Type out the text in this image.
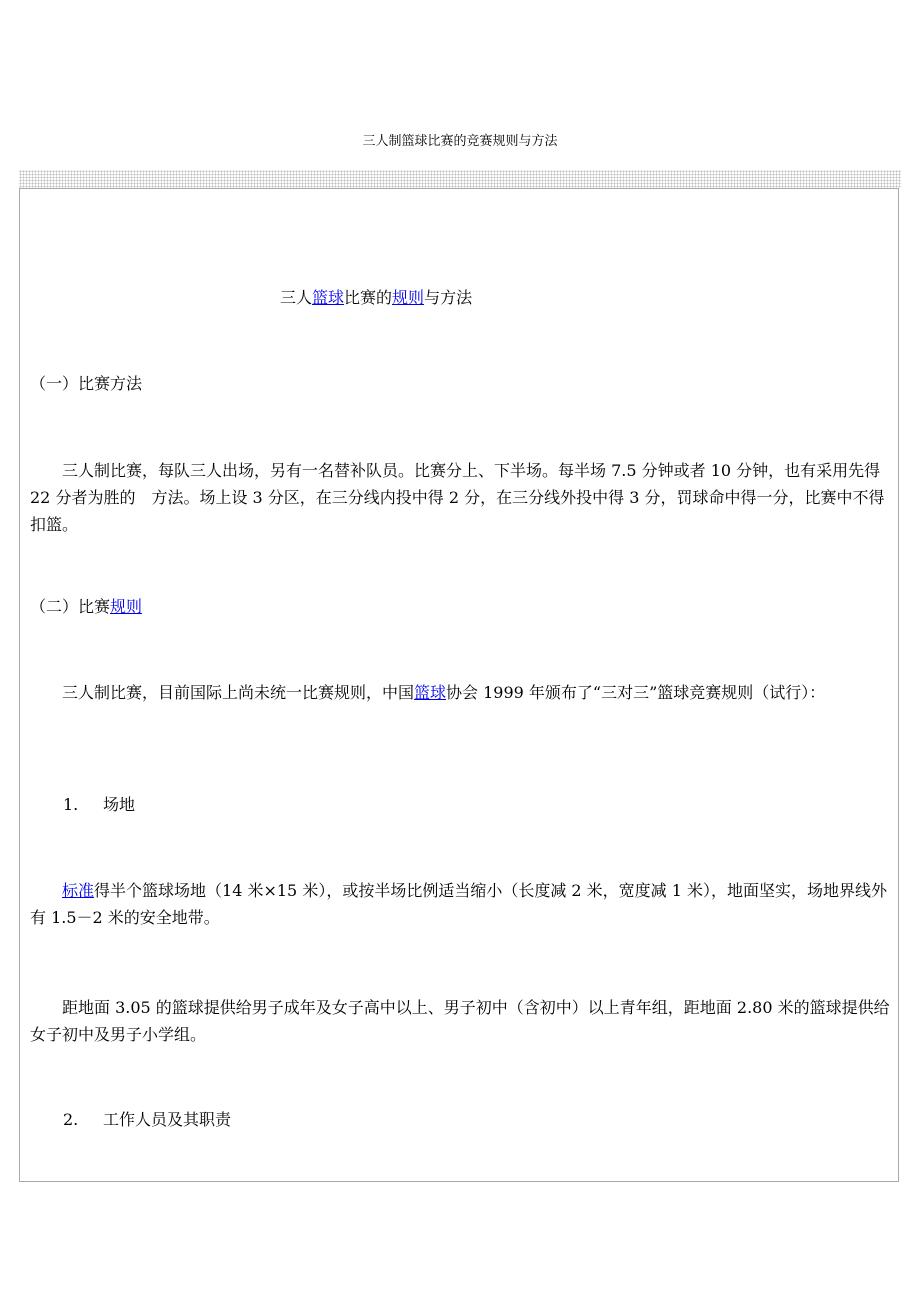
三人制篮球比赛的竞赛规则与方法
三人篮球比赛的规则与方法
（一）比赛方法
三人制比赛，每队三人出场，另有一名替补队员。比赛分上、下半场。每半场 7.5 分钟或者 10 分钟，也有采用先得 22 分者为胜的　方法。场上设 3 分区，在三分线内投中得 2 分，在三分线外投中得 3 分，罚球命中得一分，比赛中不得扣篮。
（二）比赛规则
三人制比赛，目前国际上尚未统一比赛规则，中国篮球协会 1999 年颁布了“三对三”篮球竞赛规则（试行）：
1. 场地
标准得半个篮球场地（14 米×15 米），或按半场比例适当缩小（长度减 2 米，宽度减 1 米），地面坚实，场地界线外有 1.5－2 米的安全地带。
距地面 3.05 的篮球提供给男子成年及女子高中以上、男子初中（含初中）以上青年组，距地面 2.80 米的篮球提供给女子初中及男子小学组。
2. 工作人员及其职责
